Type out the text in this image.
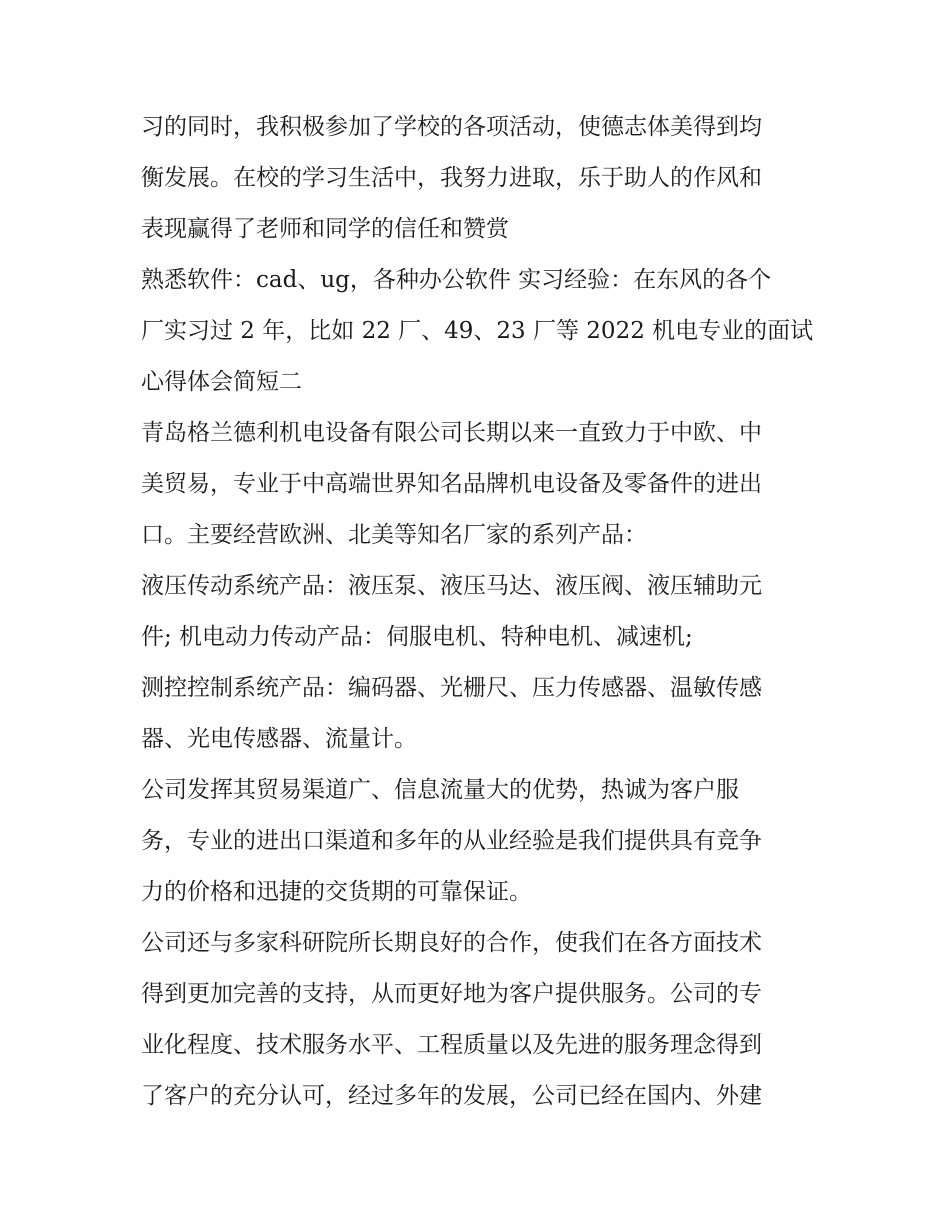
习的同时，我积极参加了学校的各项活动，使德志体美得到均
衡发展。在校的学习生活中，我努力进取，乐于助人的作风和
表现赢得了老师和同学的信任和赞赏

熟悉软件：cad、ug，各种办公软件 实习经验：在东风的各个
厂实习过 2 年，比如 22 厂、49、23 厂等 2022 机电专业的面试
心得体会简短二

青岛格兰德利机电设备有限公司长期以来一直致力于中欧、中
美贸易，专业于中高端世界知名品牌机电设备及零备件的进出
口。主要经营欧洲、北美等知名厂家的系列产品：

液压传动系统产品：液压泵、液压马达、液压阀、液压辅助元
件; 机电动力传动产品：伺服电机、特种电机、减速机;

测控控制系统产品：编码器、光栅尺、压力传感器、温敏传感
器、光电传感器、流量计。

公司发挥其贸易渠道广、信息流量大的优势，热诚为客户服
务，专业的进出口渠道和多年的从业经验是我们提供具有竞争
力的价格和迅捷的交货期的可靠保证。

公司还与多家科研院所长期良好的合作，使我们在各方面技术
得到更加完善的支持，从而更好地为客户提供服务。公司的专
业化程度、技术服务水平、工程质量以及先进的服务理念得到
了客户的充分认可，经过多年的发展，公司已经在国内、外建
